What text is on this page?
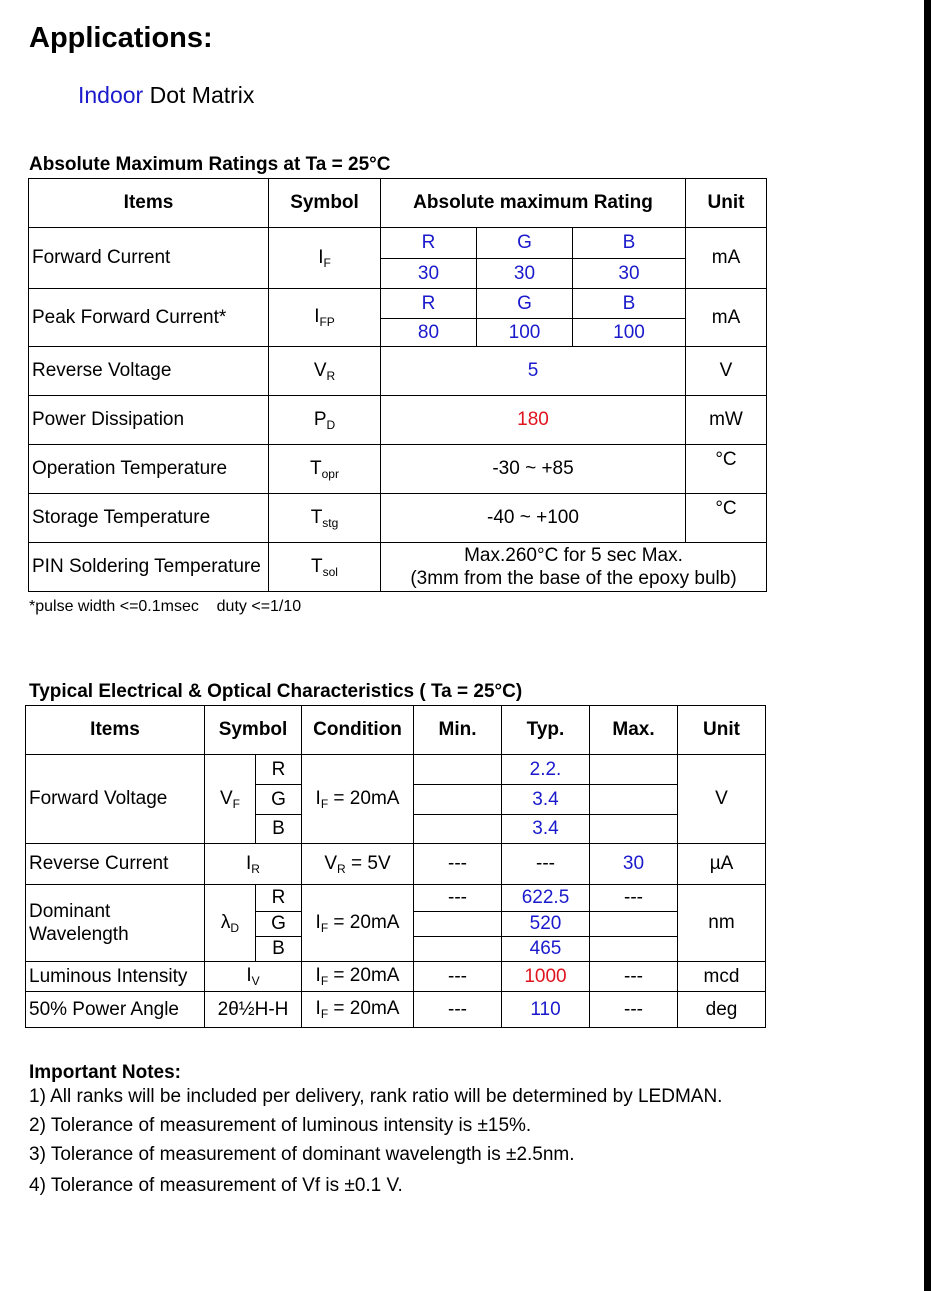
Applications:
Indoor Dot Matrix
Absolute Maximum Ratings at Ta = 25°C
Items	Symbol	Absolute maximum Rating			Unit
Forward Current	$I_F$	R	G	B	mA
		30	30	30	
Peak Forward Current*	$I_{FP}$	R	G	B	mA
		80	100	100	
Reverse Voltage	$V_R$	5			V
Power Dissipation	$P_D$	180			mW
Operation Temperature	$T_{opr}$	-30 ~ +85			°C
Storage Temperature	$T_{stg}$	-40 ~ +100			°C
PIN Soldering Temperature	$T_{sol}$	Max.260°C for 5 sec Max.
(3mm from the base of the epoxy bulb)			
*pulse width <=0.1msec    duty <=1/10
Typical Electrical & Optical Characteristics ( Ta = 25°C)
Items	Symbol		Condition	Min.	Typ.	Max.	Unit
Forward Voltage	$V_F$	R	$I_F = 20mA$		2.2.		V
		G			3.4		
		B			3.4		
Reverse Current	$I_R$		$V_R = 5V$	---	---	30	µA
Dominant Wavelength	$\lambda_D$	R	$I_F = 20mA$	---	622.5	---	nm
		G			520		
		B			465		
Luminous Intensity	$I_V$		$I_F = 20mA$	---	1000	---	mcd
50% Power Angle	2θ½H-H		$I_F = 20mA$	---	110	---	deg
Important Notes:
1) All ranks will be included per delivery, rank ratio will be determined by LEDMAN.
2) Tolerance of measurement of luminous intensity is ±15%.
3) Tolerance of measurement of dominant wavelength is ±2.5nm.
4) Tolerance of measurement of Vf is ±0.1 V.
